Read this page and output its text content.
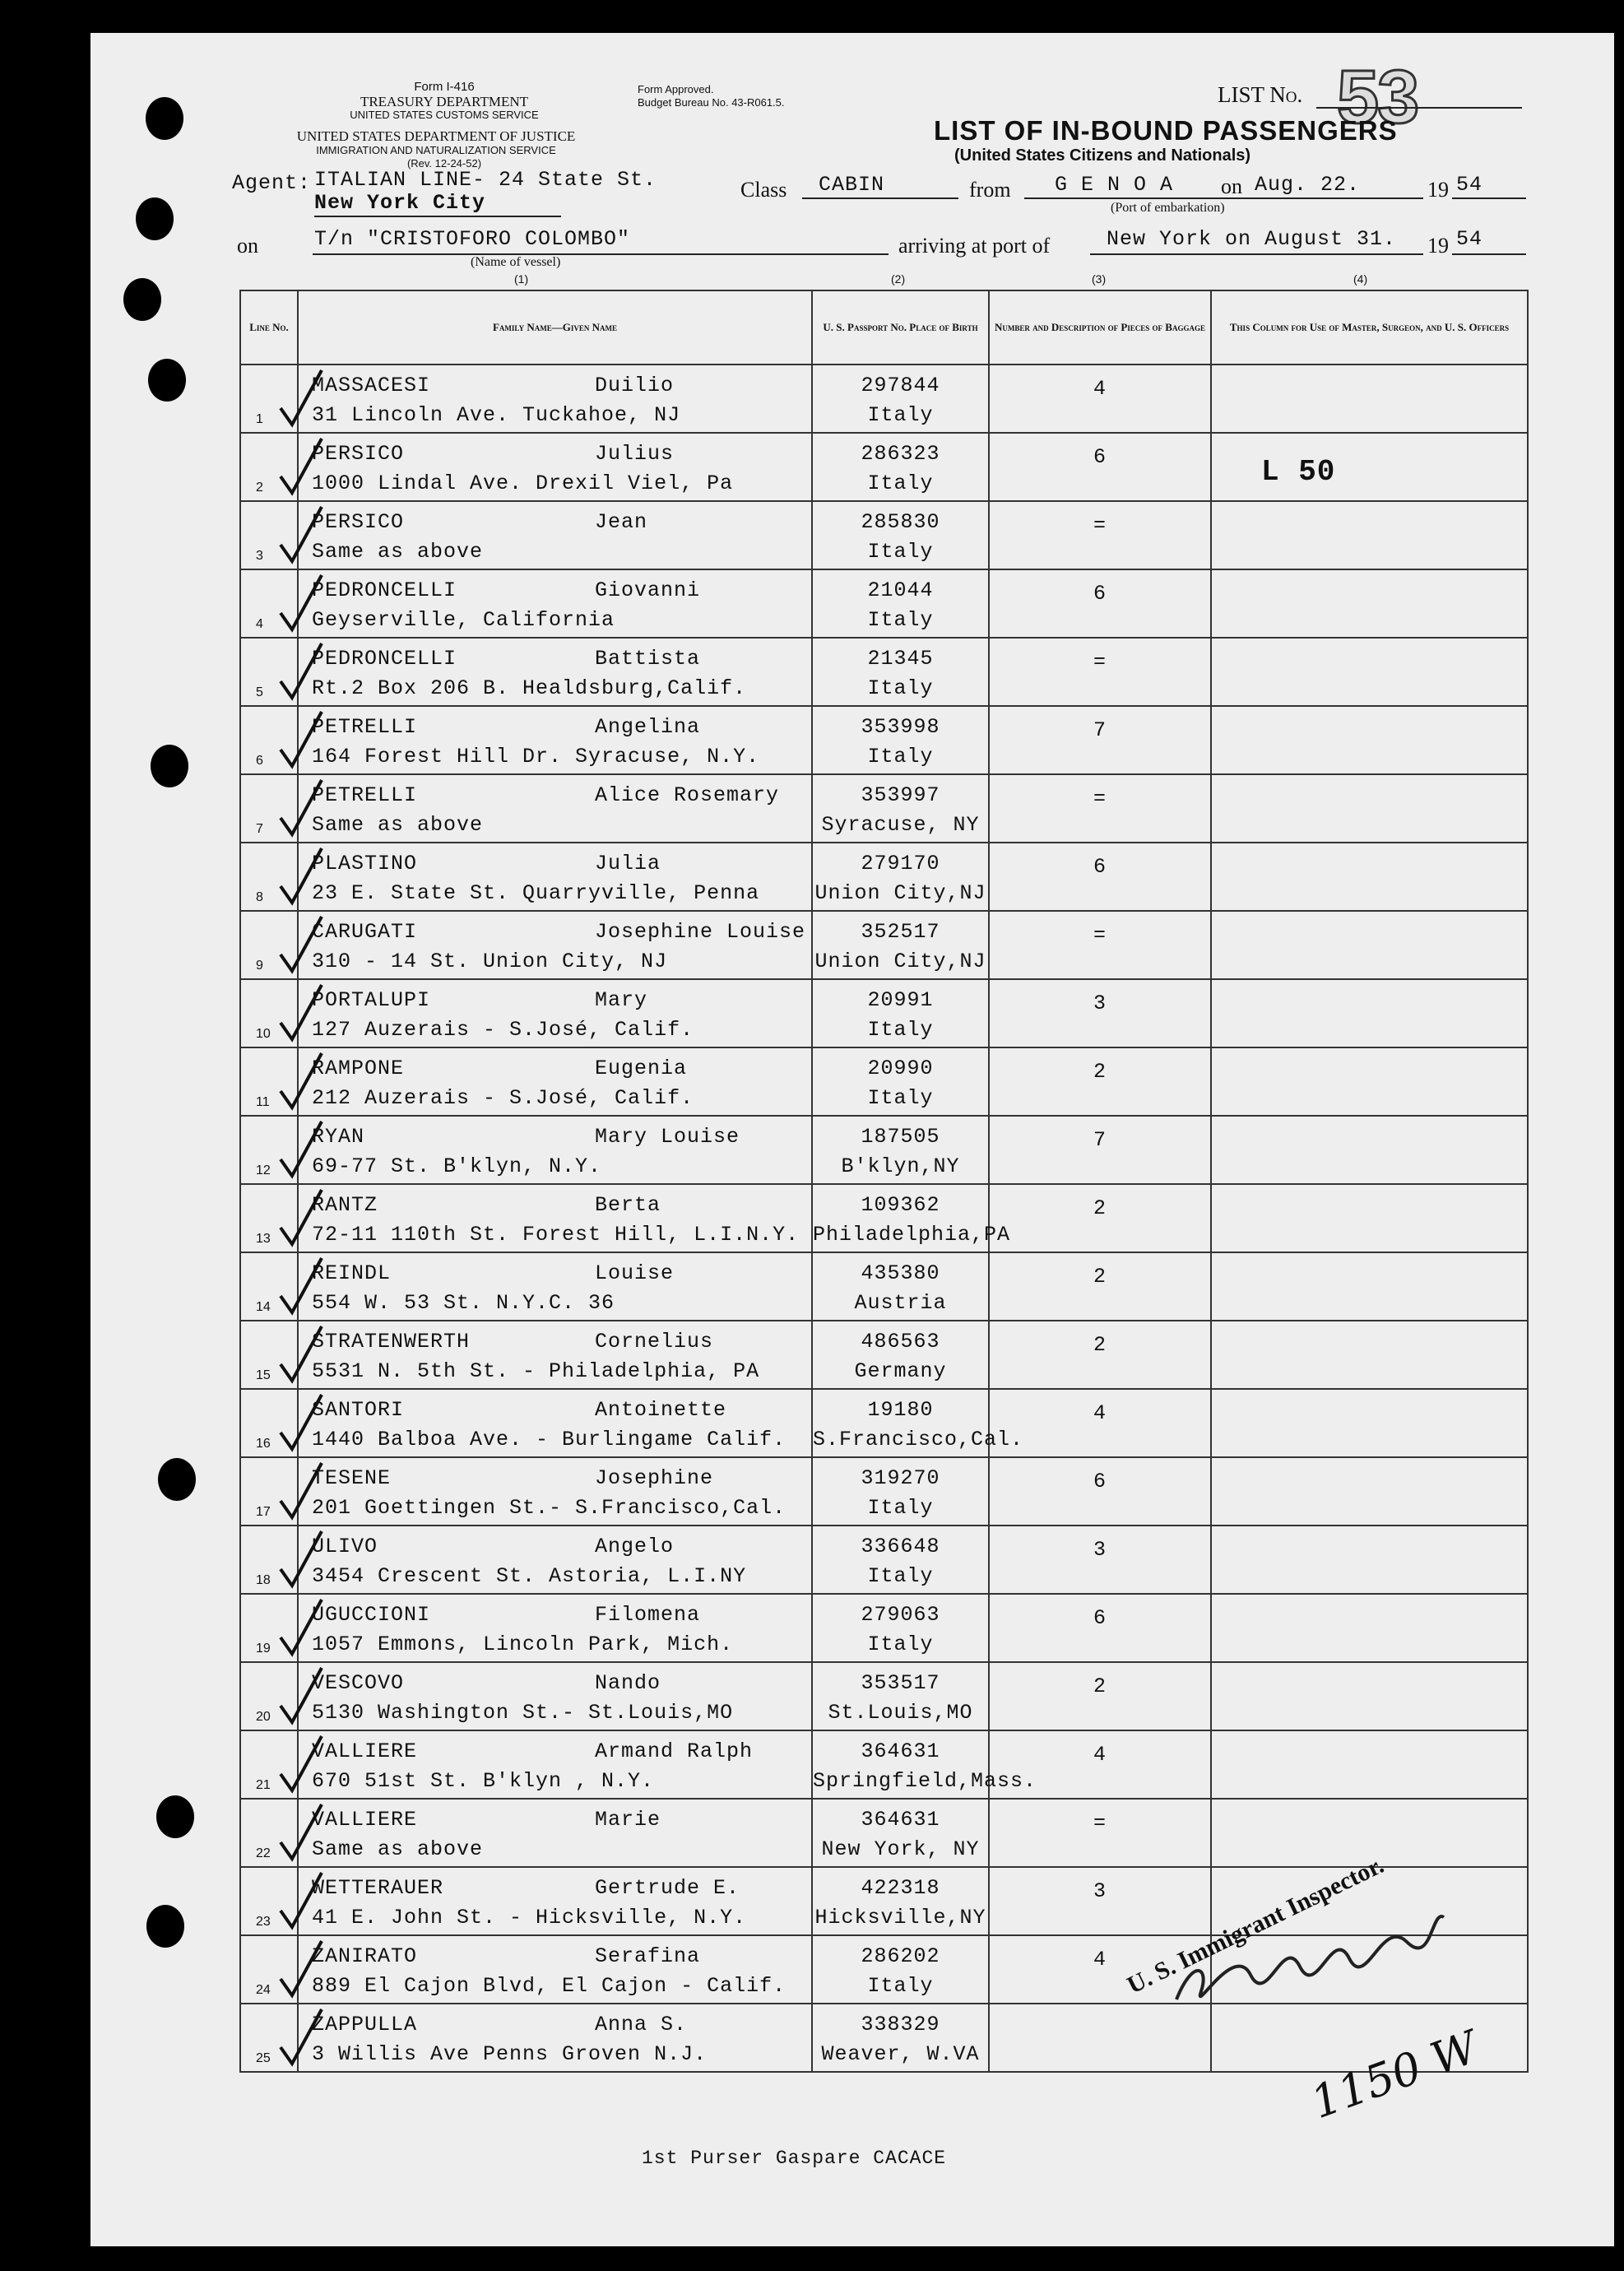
Form I-416
TREASURY DEPARTMENT
UNITED STATES CUSTOMS SERVICE
UNITED STATES DEPARTMENT OF JUSTICE
IMMIGRATION AND NATURALIZATION SERVICE
(Rev. 12-24-52)
Form Approved.
Budget Bureau No. 43-R061.5.	LIST No. 53
LIST OF IN-BOUND PASSENGERS
(United States Citizens and Nationals)
Agent: ITALIAN LINE- 24 State St.
New York City
Class CABIN	from G E N O A on Aug. 22.	19 54
(Port of embarkation)
on	T/n "CRISTOFORO COLOMBO"
(Name of vessel)
(1)
arriving at port of	New York on August 31. 19 54
(2)	(3)	(4)
Line No.	Family Name—Given Name	U. S. Passport No. Place of Birth	Number and Description of Pieces of Baggage	This Column for Use of Master, Surgeon, and U. S. Officers

1	MASSACESI Duilio
31 Lincoln Ave. Tuckahoe, NJ	297844
Italy	4	

2	PERSICO Julius
1000 Lindal Ave. Drexil Viel, Pa	286323
Italy	6	L 50

3	PERSICO Jean
Same as above	285830
Italy	=	

4	PEDRONCELLI Giovanni
Geyserville, California	21044
Italy	6	

5	PEDRONCELLI Battista
Rt.2 Box 206 B. Healdsburg,Calif.	21345
Italy	=	

6	PETRELLI Angelina
164 Forest Hill Dr. Syracuse, N.Y.	353998
Italy	7	

7	PETRELLI Alice Rosemary
Same as above	353997
Syracuse, NY	=	

8	PLASTINO Julia
23 E. State St. Quarryville, Penna	279170
Union City,NJ	6	

9	CARUGATI Josephine Louise
310 - 14 St. Union City, NJ	352517
Union City,NJ	=	

10	PORTALUPI Mary
127 Auzerais - S.José, Calif.	20991
Italy	3	

11	RAMPONE Eugenia
212 Auzerais - S.José, Calif.	20990
Italy	2	

12	RYAN Mary Louise
69-77 St. B'klyn, N.Y.	187505
B'klyn,NY	7	

13	RANTZ Berta
72-11 110th St. Forest Hill, L.I.N.Y.	109362
Philadelphia,PA	2	

14	REINDL Louise
554 W. 53 St. N.Y.C. 36	435380
Austria	2	

15	STRATENWERTH Cornelius
5531 N. 5th St. - Philadelphia, PA	486563
Germany	2	

16	SANTORI Antoinette
1440 Balboa Ave. - Burlingame Calif.	19180
S.Francisco,Cal.	4	

17	TESENE Josephine
201 Goettingen St.- S.Francisco,Cal.	319270
Italy	6	

18	ULIVO Angelo
3454 Crescent St. Astoria, L.I.NY	336648
Italy	3	

19	UGUCCIONI Filomena
1057 Emmons, Lincoln Park, Mich.	279063
Italy	6	

20	VESCOVO Nando
5130 Washington St.- St.Louis,MO	353517
St.Louis,MO	2	

21	VALLIERE Armand Ralph
670 51st St. B'klyn , N.Y.	364631
Springfield,Mass.	4	

22	VALLIERE Marie
Same as above	364631
New York, NY	=	

23	WETTERAUER Gertrude E.
41 E. John St. - Hicksville, N.Y.	422318
Hicksville,NY	3	

24	ZANIRATO Serafina
889 El Cajon Blvd, El Cajon - Calif.	286202
Italy	4	

25	ZAPPULLA Anna S.
3 Willis Ave Penns Groven N.J.	338329
Weaver, W.VA		

U. S. Immigrant Inspector.
1150 W
1st Purser Gaspare CACACE
